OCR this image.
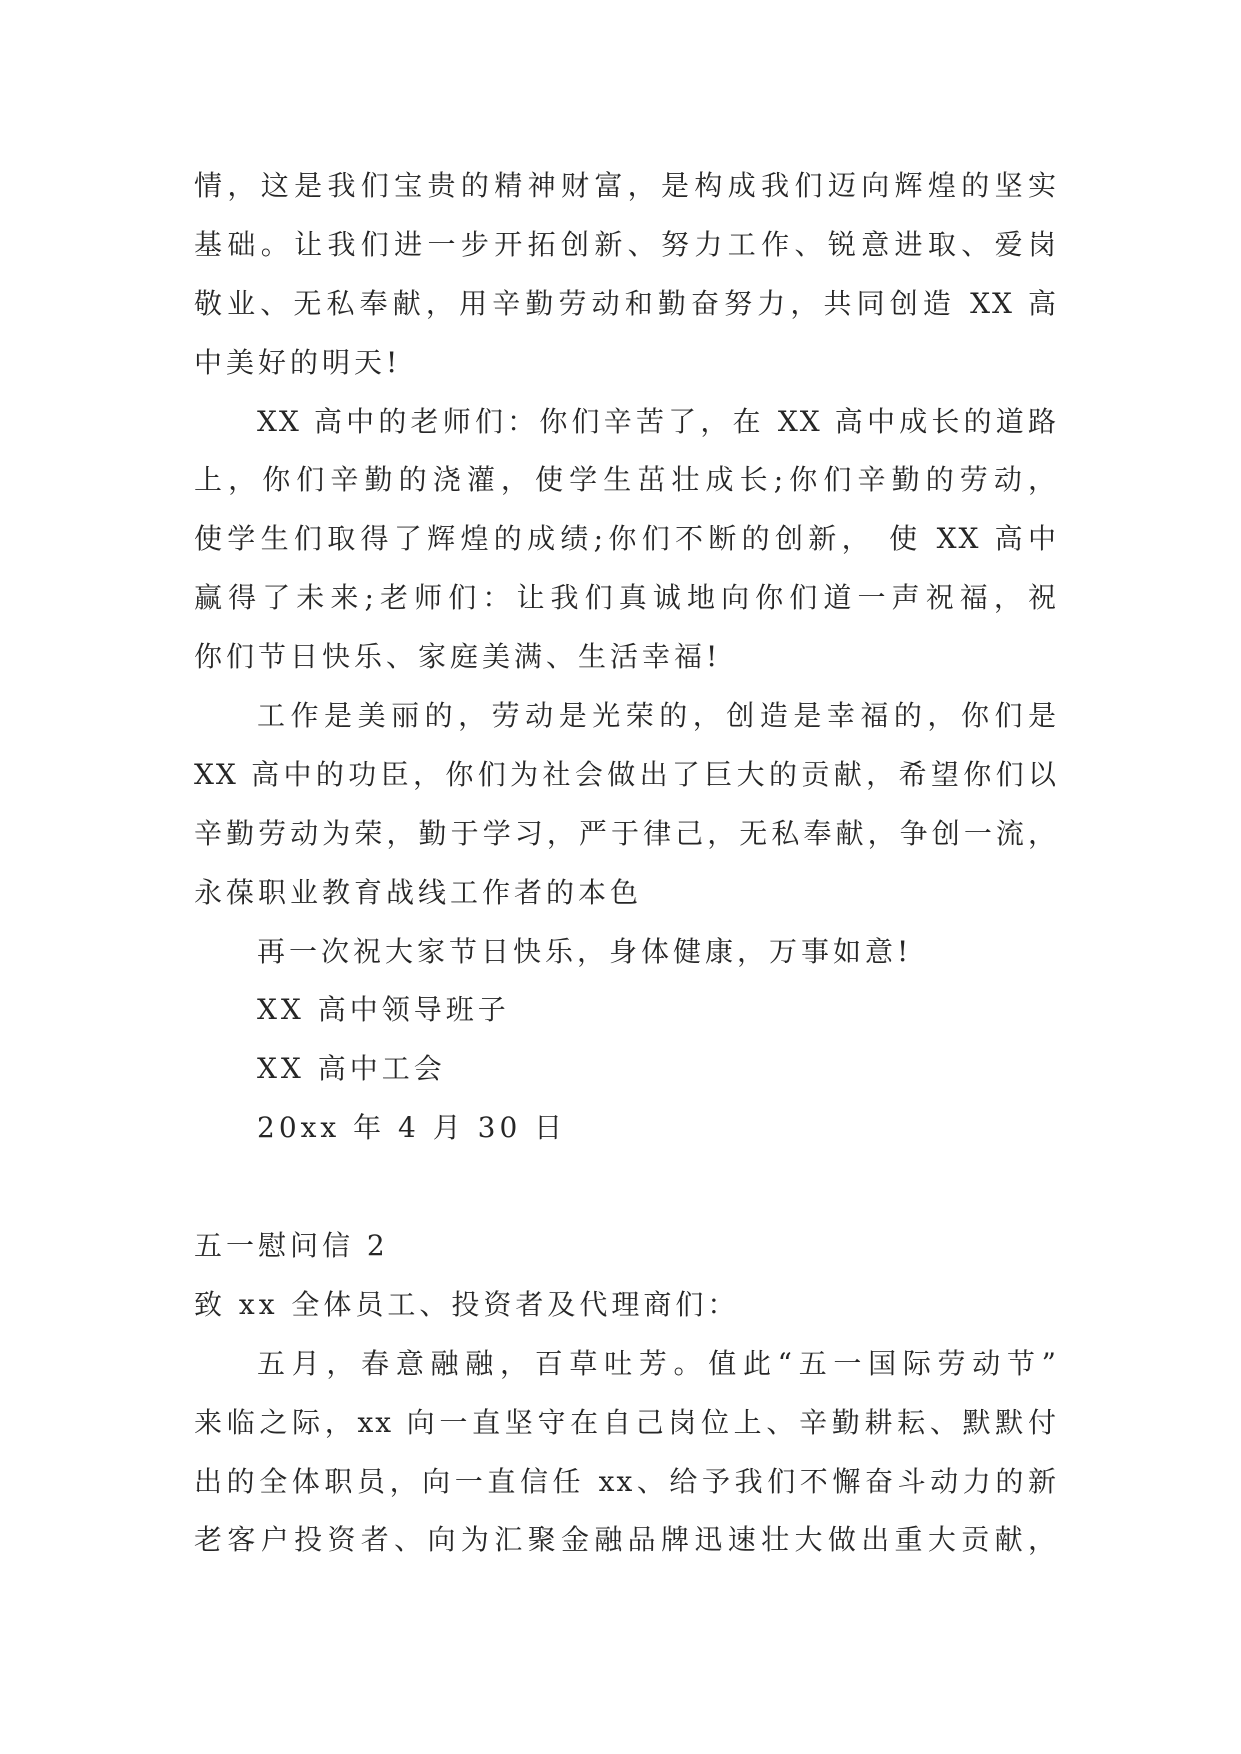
情，这是我们宝贵的精神财富，是构成我们迈向辉煌的坚实
基础。让我们进一步开拓创新、努力工作、锐意进取、爱岗
敬业、无私奉献，用辛勤劳动和勤奋努力，共同创造 XX 高
中美好的明天!
XX 高中的老师们：你们辛苦了，在 XX 高中成长的道路
上，你们辛勤的浇灌，使学生茁壮成长;你们辛勤的劳动，
使学生们取得了辉煌的成绩;你们不断的创新， 使 XX 高中
赢得了未来;老师们：让我们真诚地向你们道一声祝福，祝
你们节日快乐、家庭美满、生活幸福!
工作是美丽的，劳动是光荣的，创造是幸福的，你们是
XX 高中的功臣，你们为社会做出了巨大的贡献，希望你们以
辛勤劳动为荣，勤于学习，严于律己，无私奉献，争创一流，
永葆职业教育战线工作者的本色
再一次祝大家节日快乐，身体健康，万事如意!
XX 高中领导班子
XX 高中工会
20xx 年 4 月 30 日
五一慰问信 2
致 xx 全体员工、投资者及代理商们：
五月，春意融融，百草吐芳。值此“五一国际劳动节”
来临之际，xx 向一直坚守在自己岗位上、辛勤耕耘、默默付
出的全体职员，向一直信任 xx、给予我们不懈奋斗动力的新
老客户投资者、向为汇聚金融品牌迅速壮大做出重大贡献，
